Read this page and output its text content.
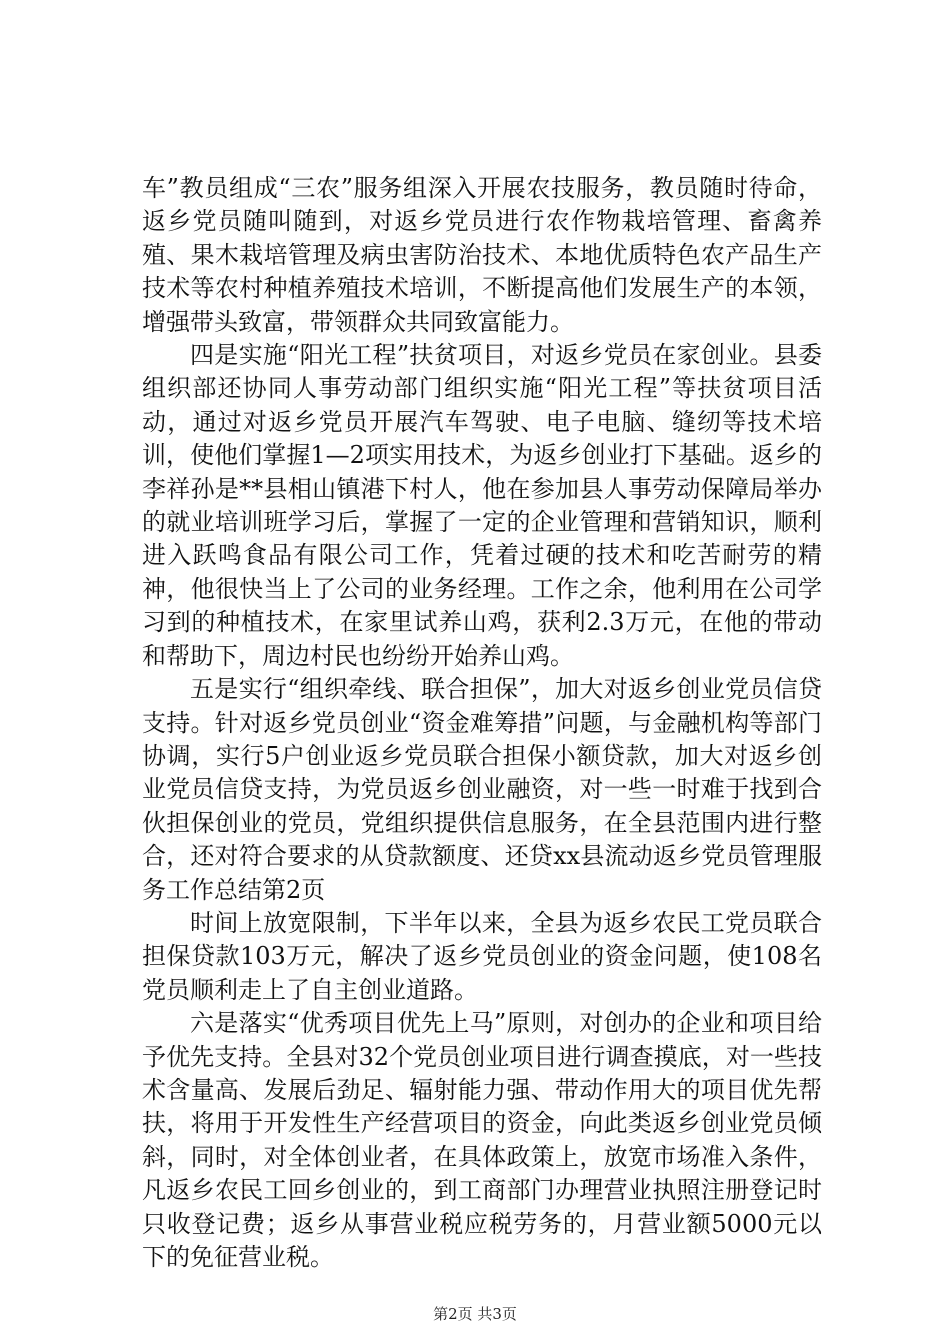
车”教员组成“三农”服务组深入开展农技服务，教员随时待命，返乡党员随叫随到，对返乡党员进行农作物栽培管理、畜禽养殖、果木栽培管理及病虫害防治技术、本地优质特色农产品生产技术等农村种植养殖技术培训，不断提高他们发展生产的本领，增强带头致富，带领群众共同致富能力。

四是实施“阳光工程”扶贫项目，对返乡党员在家创业。县委组织部还协同人事劳动部门组织实施“阳光工程”等扶贫项目活动，通过对返乡党员开展汽车驾驶、电子电脑、缝纫等技术培训，使他们掌握1—2项实用技术，为返乡创业打下基础。返乡的李祥孙是**县相山镇港下村人，他在参加县人事劳动保障局举办的就业培训班学习后，掌握了一定的企业管理和营销知识，顺利进入跃鸣食品有限公司工作，凭着过硬的技术和吃苦耐劳的精神，他很快当上了公司的业务经理。工作之余，他利用在公司学习到的种植技术，在家里试养山鸡，获利2.3万元，在他的带动和帮助下，周边村民也纷纷开始养山鸡。

五是实行“组织牵线、联合担保”，加大对返乡创业党员信贷支持。针对返乡党员创业“资金难筹措”问题，与金融机构等部门协调，实行5户创业返乡党员联合担保小额贷款，加大对返乡创业党员信贷支持，为党员返乡创业融资，对一些一时难于找到合伙担保创业的党员，党组织提供信息服务，在全县范围内进行整合，还对符合要求的从贷款额度、还贷xx县流动返乡党员管理服务工作总结第2页

时间上放宽限制，下半年以来，全县为返乡农民工党员联合担保贷款103万元，解决了返乡党员创业的资金问题，使108名党员顺利走上了自主创业道路。

六是落实“优秀项目优先上马”原则，对创办的企业和项目给予优先支持。全县对32个党员创业项目进行调查摸底，对一些技术含量高、发展后劲足、辐射能力强、带动作用大的项目优先帮扶，将用于开发性生产经营项目的资金，向此类返乡创业党员倾斜，同时，对全体创业者，在具体政策上，放宽市场准入条件，凡返乡农民工回乡创业的，到工商部门办理营业执照注册登记时只收登记费；返乡从事营业税应税劳务的，月营业额5000元以下的免征营业税。

第2页 共3页
